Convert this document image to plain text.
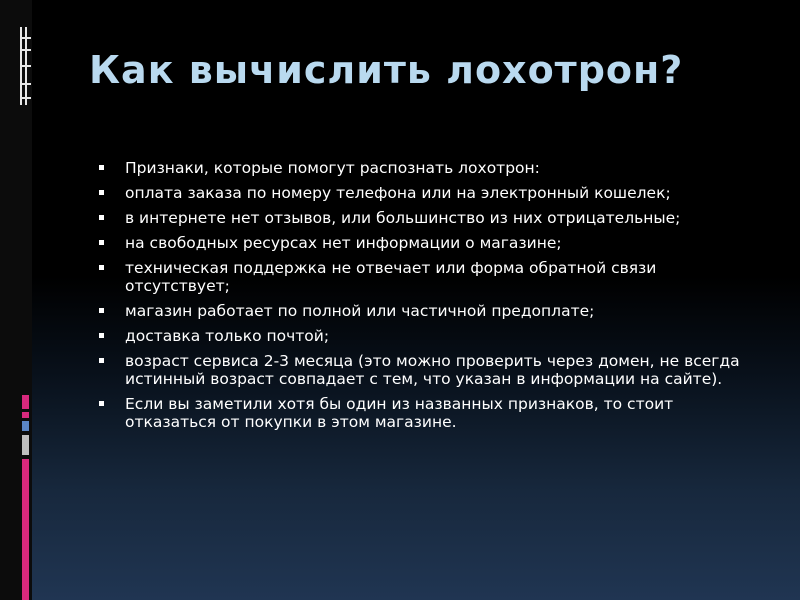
Как вычислить лохотрон?
Признаки, которые помогут распознать лохотрон:
оплата заказа по номеру телефона или на электронный кошелек;
в интернете нет отзывов, или большинство из них отрицательные;
на свободных ресурсах нет информации о магазине;
техническая поддержка не отвечает или форма обратной связи отсутствует;
магазин работает по полной или частичной предоплате;
доставка только почтой;
возраст сервиса 2-3 месяца (это можно проверить через домен, не всегда истинный возраст совпадает с тем, что указан в информации на сайте).
Если вы заметили хотя бы один из названных признаков, то стоит отказаться от покупки в этом магазине.
